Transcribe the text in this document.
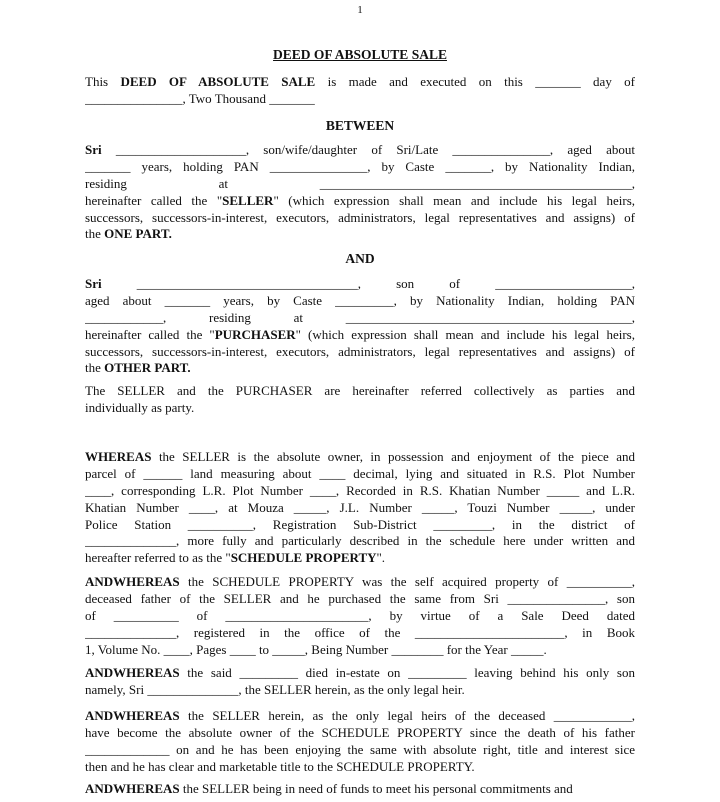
1
DEED OF ABSOLUTE SALE
This DEED OF ABSOLUTE SALE is made and executed on this _______ day of
_______________, Two Thousand _______
BETWEEN
Sri ____________________, son/wife/daughter of Sri/Late _______________, aged about
_______ years, holding PAN _______________, by Caste _______, by Nationality Indian,
residing at ________________________________________________,
hereinafter called the "SELLER" (which expression shall mean and include his legal heirs,
successors, successors-in-interest, executors, administrators, legal representatives and assigns) of
the ONE PART.
AND
Sri __________________________________, son of _____________________,
aged about _______ years, by Caste _________, by Nationality Indian, holding PAN
____________, residing at ____________________________________________,
hereinafter called the "PURCHASER" (which expression shall mean and include his legal heirs,
successors, successors-in-interest, executors, administrators, legal representatives and assigns) of
the OTHER PART.
The SELLER and the PURCHASER are hereinafter referred collectively as parties and
individually as party.
WHEREAS the SELLER is the absolute owner, in possession and enjoyment of the piece and
parcel of ______ land measuring about ____ decimal, lying and situated in R.S. Plot Number
____, corresponding L.R. Plot Number ____, Recorded in R.S. Khatian Number _____ and L.R.
Khatian Number ____, at Mouza _____, J.L. Number _____, Touzi Number _____, under
Police Station __________, Registration Sub-District _________, in the district of
______________, more fully and particularly described in the schedule here under written and
hereafter referred to as the "SCHEDULE PROPERTY".
ANDWHEREAS the SCHEDULE PROPERTY was the self acquired property of __________,
deceased father of the SELLER and he purchased the same from Sri _______________, son
of __________ of ______________________, by virtue of a Sale Deed dated
______________, registered in the office of the _______________________, in Book
1, Volume No. ____, Pages ____ to _____, Being Number ________ for the Year _____.
ANDWHEREAS the said _________ died in-estate on _________ leaving behind his only son
namely, Sri ______________, the SELLER herein, as the only legal heir.
ANDWHEREAS the SELLER herein, as the only legal heirs of the deceased ____________,
have become the absolute owner of the SCHEDULE PROPERTY since the death of his father
_____________ on and he has been enjoying the same with absolute right, title and interest sice
then and he has clear and marketable title to the SCHEDULE PROPERTY.
ANDWHEREAS the SELLER being in need of funds to meet his personal commitments and
